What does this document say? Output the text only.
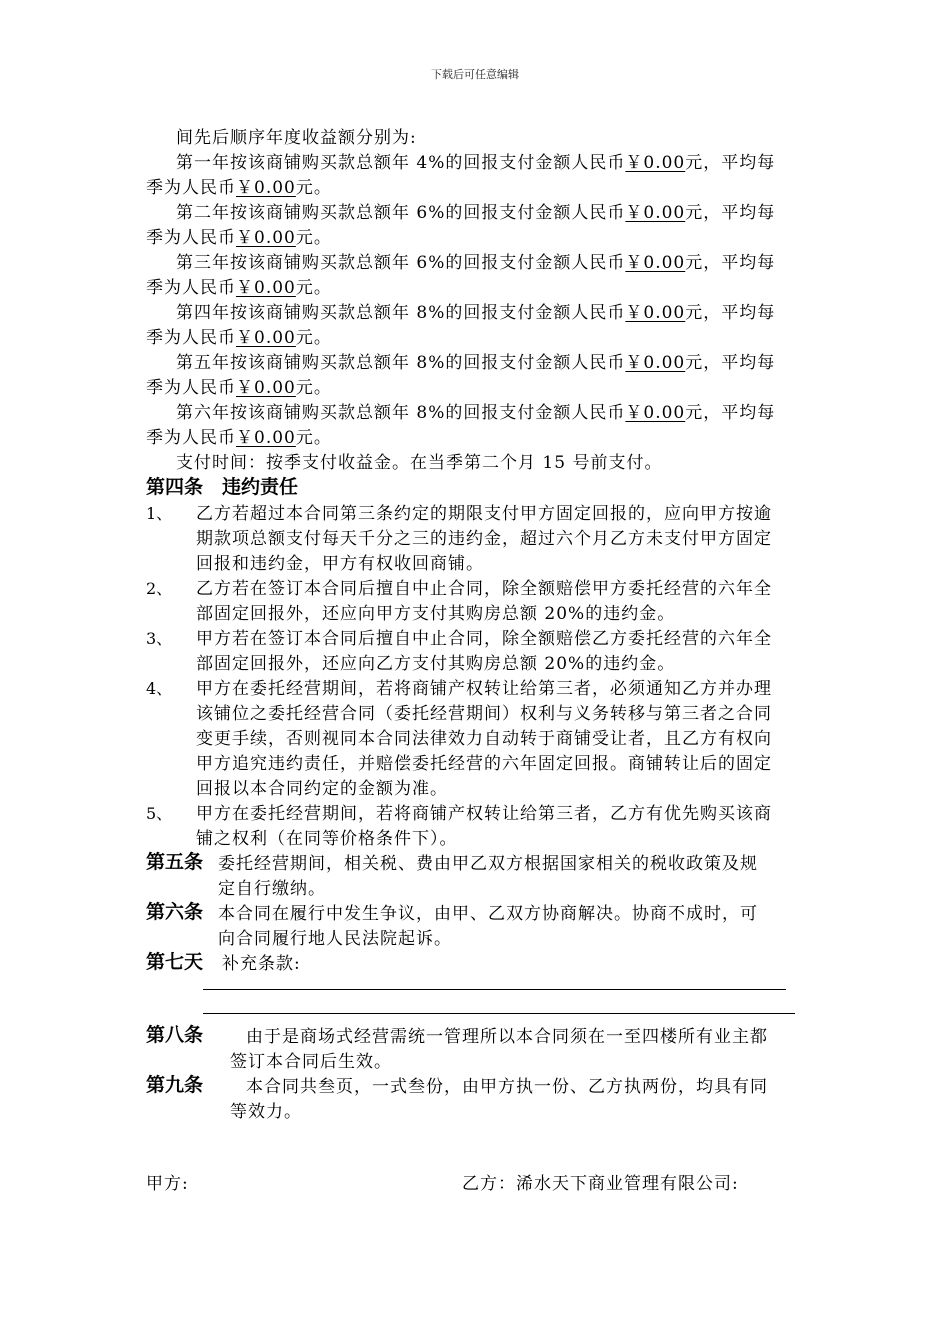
下载后可任意编辑
间先后顺序年度收益额分别为:
第一年按该商铺购买款总额年 4%的回报支付金额人民币￥0.00元，平均每
季为人民币￥0.00元。
第二年按该商铺购买款总额年 6%的回报支付金额人民币￥0.00元，平均每
季为人民币￥0.00元。
第三年按该商铺购买款总额年 6%的回报支付金额人民币￥0.00元，平均每
季为人民币￥0.00元。
第四年按该商铺购买款总额年 8%的回报支付金额人民币￥0.00元，平均每
季为人民币￥0.00元。
第五年按该商铺购买款总额年 8%的回报支付金额人民币￥0.00元，平均每
季为人民币￥0.00元。
第六年按该商铺购买款总额年 8%的回报支付金额人民币￥0.00元，平均每
季为人民币￥0.00元。
支付时间：按季支付收益金。在当季第二个月 15 号前支付。
第四条　违约责任
1、 乙方若超过本合同第三条约定的期限支付甲方固定回报的，应向甲方按逾
期款项总额支付每天千分之三的违约金，超过六个月乙方未支付甲方固定
回报和违约金，甲方有权收回商铺。
2、 乙方若在签订本合同后擅自中止合同，除全额赔偿甲方委托经营的六年全
部固定回报外，还应向甲方支付其购房总额 20%的违约金。
3、 甲方若在签订本合同后擅自中止合同，除全额赔偿乙方委托经营的六年全
部固定回报外，还应向乙方支付其购房总额 20%的违约金。
4、 甲方在委托经营期间，若将商铺产权转让给第三者，必须通知乙方并办理
该铺位之委托经营合同（委托经营期间）权利与义务转移与第三者之合同
变更手续，否则视同本合同法律效力自动转于商铺受让者，且乙方有权向
甲方追究违约责任，并赔偿委托经营的六年固定回报。商铺转让后的固定
回报以本合同约定的金额为准。
5、 甲方在委托经营期间，若将商铺产权转让给第三者，乙方有优先购买该商
铺之权利（在同等价格条件下）。
第五条 委托经营期间，相关税、费由甲乙双方根据国家相关的税收政策及规
定自行缴纳。
第六条 本合同在履行中发生争议，由甲、乙双方协商解决。协商不成时，可
向合同履行地人民法院起诉。
第七天 补充条款:
第八条	由于是商场式经营需统一管理所以本合同须在一至四楼所有业主都
签订本合同后生效。
第九条	本合同共叁页，一式叁份，由甲方执一份、乙方执两份，均具有同
等效力。
甲方:	乙方：浠水天下商业管理有限公司:
